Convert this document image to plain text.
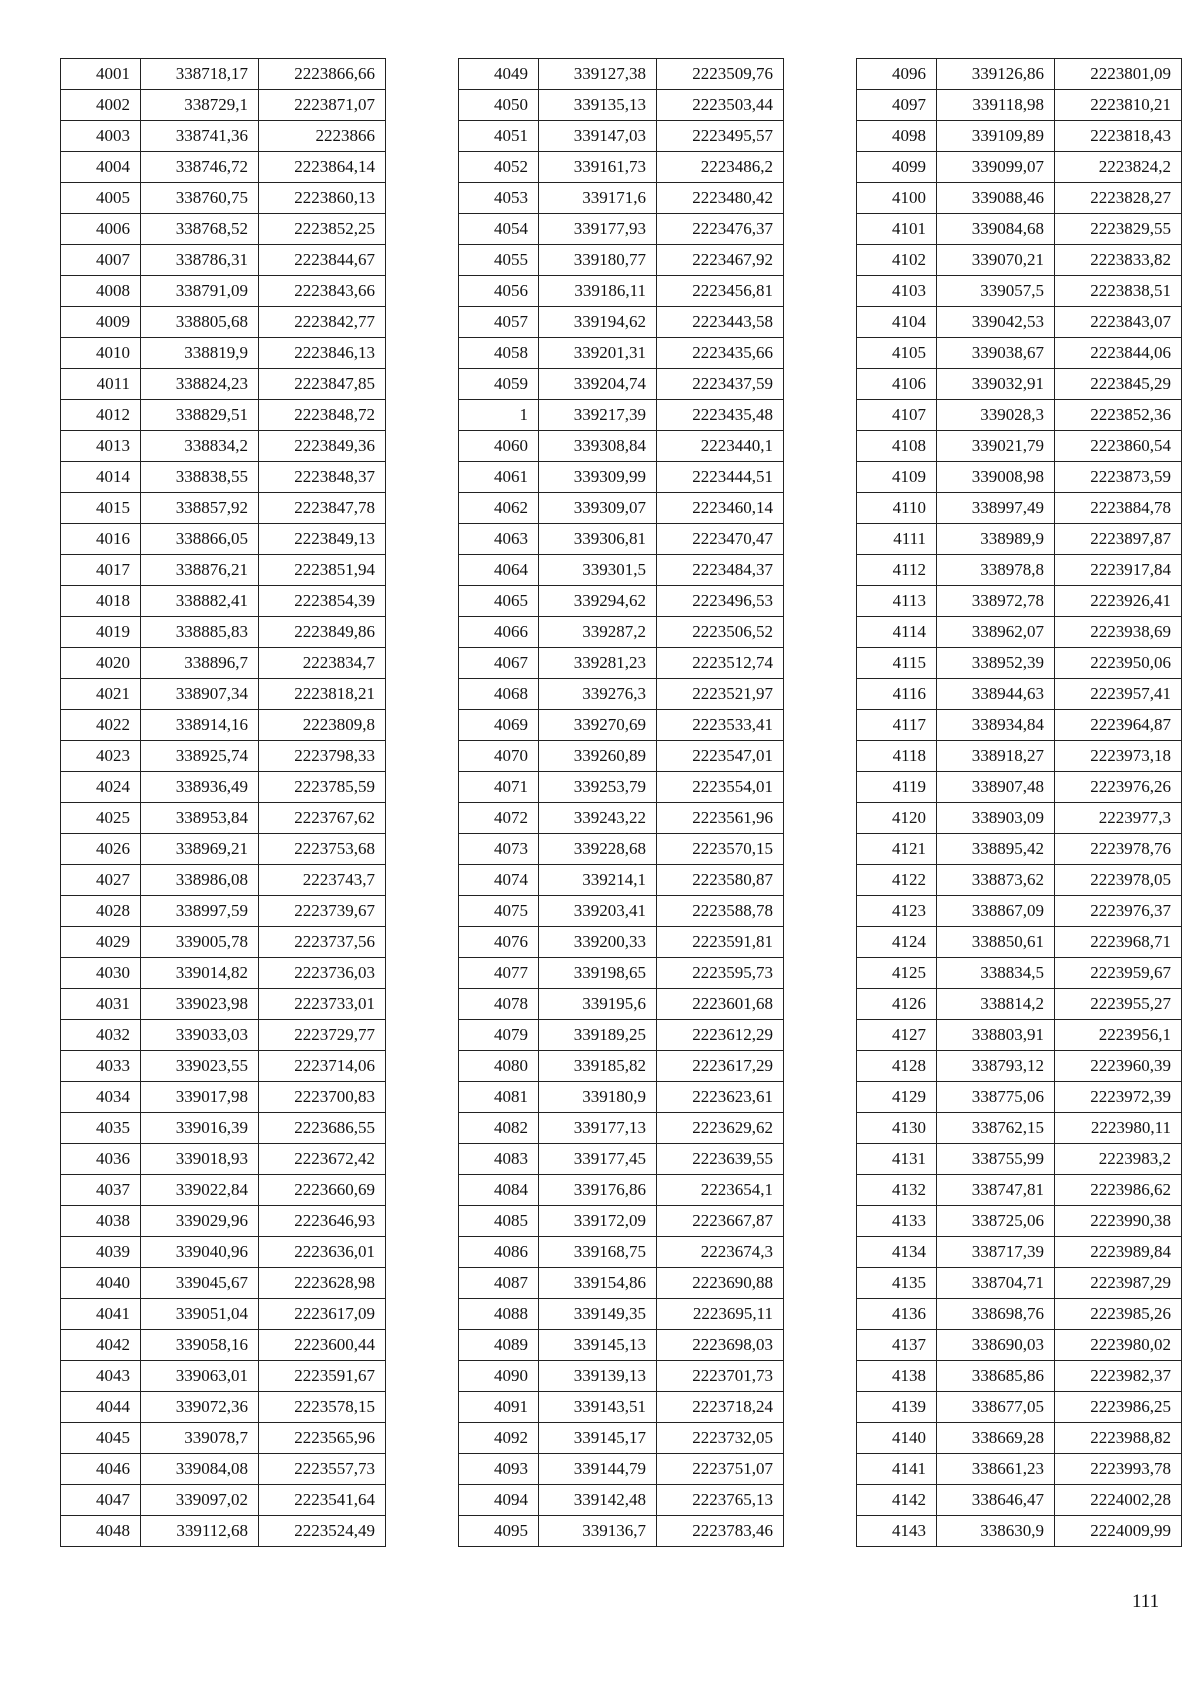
4001	338718,17	2223866,66
4002	338729,1	2223871,07
4003	338741,36	2223866
4004	338746,72	2223864,14
4005	338760,75	2223860,13
4006	338768,52	2223852,25
4007	338786,31	2223844,67
4008	338791,09	2223843,66
4009	338805,68	2223842,77
4010	338819,9	2223846,13
4011	338824,23	2223847,85
4012	338829,51	2223848,72
4013	338834,2	2223849,36
4014	338838,55	2223848,37
4015	338857,92	2223847,78
4016	338866,05	2223849,13
4017	338876,21	2223851,94
4018	338882,41	2223854,39
4019	338885,83	2223849,86
4020	338896,7	2223834,7
4021	338907,34	2223818,21
4022	338914,16	2223809,8
4023	338925,74	2223798,33
4024	338936,49	2223785,59
4025	338953,84	2223767,62
4026	338969,21	2223753,68
4027	338986,08	2223743,7
4028	338997,59	2223739,67
4029	339005,78	2223737,56
4030	339014,82	2223736,03
4031	339023,98	2223733,01
4032	339033,03	2223729,77
4033	339023,55	2223714,06
4034	339017,98	2223700,83
4035	339016,39	2223686,55
4036	339018,93	2223672,42
4037	339022,84	2223660,69
4038	339029,96	2223646,93
4039	339040,96	2223636,01
4040	339045,67	2223628,98
4041	339051,04	2223617,09
4042	339058,16	2223600,44
4043	339063,01	2223591,67
4044	339072,36	2223578,15
4045	339078,7	2223565,96
4046	339084,08	2223557,73
4047	339097,02	2223541,64
4048	339112,68	2223524,49
4049	339127,38	2223509,76
4050	339135,13	2223503,44
4051	339147,03	2223495,57
4052	339161,73	2223486,2
4053	339171,6	2223480,42
4054	339177,93	2223476,37
4055	339180,77	2223467,92
4056	339186,11	2223456,81
4057	339194,62	2223443,58
4058	339201,31	2223435,66
4059	339204,74	2223437,59
1	339217,39	2223435,48
4060	339308,84	2223440,1
4061	339309,99	2223444,51
4062	339309,07	2223460,14
4063	339306,81	2223470,47
4064	339301,5	2223484,37
4065	339294,62	2223496,53
4066	339287,2	2223506,52
4067	339281,23	2223512,74
4068	339276,3	2223521,97
4069	339270,69	2223533,41
4070	339260,89	2223547,01
4071	339253,79	2223554,01
4072	339243,22	2223561,96
4073	339228,68	2223570,15
4074	339214,1	2223580,87
4075	339203,41	2223588,78
4076	339200,33	2223591,81
4077	339198,65	2223595,73
4078	339195,6	2223601,68
4079	339189,25	2223612,29
4080	339185,82	2223617,29
4081	339180,9	2223623,61
4082	339177,13	2223629,62
4083	339177,45	2223639,55
4084	339176,86	2223654,1
4085	339172,09	2223667,87
4086	339168,75	2223674,3
4087	339154,86	2223690,88
4088	339149,35	2223695,11
4089	339145,13	2223698,03
4090	339139,13	2223701,73
4091	339143,51	2223718,24
4092	339145,17	2223732,05
4093	339144,79	2223751,07
4094	339142,48	2223765,13
4095	339136,7	2223783,46
4096	339126,86	2223801,09
4097	339118,98	2223810,21
4098	339109,89	2223818,43
4099	339099,07	2223824,2
4100	339088,46	2223828,27
4101	339084,68	2223829,55
4102	339070,21	2223833,82
4103	339057,5	2223838,51
4104	339042,53	2223843,07
4105	339038,67	2223844,06
4106	339032,91	2223845,29
4107	339028,3	2223852,36
4108	339021,79	2223860,54
4109	339008,98	2223873,59
4110	338997,49	2223884,78
4111	338989,9	2223897,87
4112	338978,8	2223917,84
4113	338972,78	2223926,41
4114	338962,07	2223938,69
4115	338952,39	2223950,06
4116	338944,63	2223957,41
4117	338934,84	2223964,87
4118	338918,27	2223973,18
4119	338907,48	2223976,26
4120	338903,09	2223977,3
4121	338895,42	2223978,76
4122	338873,62	2223978,05
4123	338867,09	2223976,37
4124	338850,61	2223968,71
4125	338834,5	2223959,67
4126	338814,2	2223955,27
4127	338803,91	2223956,1
4128	338793,12	2223960,39
4129	338775,06	2223972,39
4130	338762,15	2223980,11
4131	338755,99	2223983,2
4132	338747,81	2223986,62
4133	338725,06	2223990,38
4134	338717,39	2223989,84
4135	338704,71	2223987,29
4136	338698,76	2223985,26
4137	338690,03	2223980,02
4138	338685,86	2223982,37
4139	338677,05	2223986,25
4140	338669,28	2223988,82
4141	338661,23	2223993,78
4142	338646,47	2224002,28
4143	338630,9	2224009,99
111
